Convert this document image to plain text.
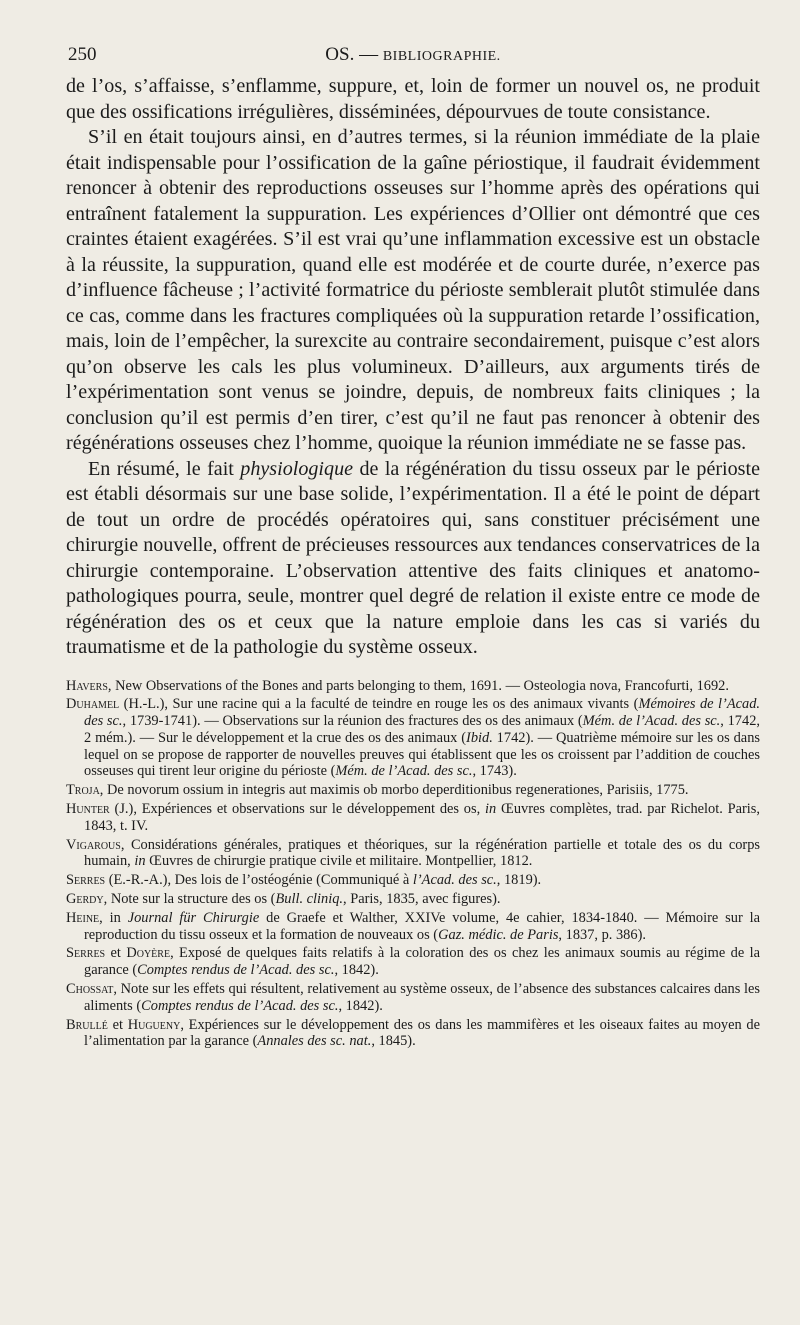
250	OS. — BIBLIOGRAPHIE.

de l’os, s’affaisse, s’enflamme, suppure, et, loin de former un nouvel os, ne produit que des ossifications irrégulières, disséminées, dépourvues de toute consistance.

S’il en était toujours ainsi, en d’autres termes, si la réunion immédiate de la plaie était indispensable pour l’ossification de la gaîne périostique, il faudrait évidemment renoncer à obtenir des reproductions osseuses sur l’homme après des opérations qui entraînent fatalement la suppuration. Les expériences d’Ollier ont démontré que ces craintes étaient exagérées. S’il est vrai qu’une inflammation excessive est un obstacle à la réussite, la suppuration, quand elle est modérée et de courte durée, n’exerce pas d’influence fâcheuse ; l’activité formatrice du périoste semblerait plutôt stimulée dans ce cas, comme dans les fractures compliquées où la suppuration retarde l’ossification, mais, loin de l’empêcher, la surexcite au contraire secondairement, puisque c’est alors qu’on observe les cals les plus volumineux. D’ailleurs, aux arguments tirés de l’expérimentation sont venus se joindre, depuis, de nombreux faits cliniques ; la conclusion qu’il est permis d’en tirer, c’est qu’il ne faut pas renoncer à obtenir des régénérations osseuses chez l’homme, quoique la réunion immédiate ne se fasse pas.

En résumé, le fait physiologique de la régénération du tissu osseux par le périoste est établi désormais sur une base solide, l’expérimentation. Il a été le point de départ de tout un ordre de procédés opératoires qui, sans constituer précisément une chirurgie nouvelle, offrent de précieuses ressources aux tendances conservatrices de la chirurgie contemporaine. L’observation attentive des faits cliniques et anatomo-pathologiques pourra, seule, montrer quel degré de relation il existe entre ce mode de régénération des os et ceux que la nature emploie dans les cas si variés du traumatisme et de la pathologie du système osseux.

Havers, New Observations of the Bones and parts belonging to them, 1691. — Osteologia nova, Francofurti, 1692.

Duhamel (H.-L.), Sur une racine qui a la faculté de teindre en rouge les os des animaux vivants (Mémoires de l’Acad. des sc., 1739-1741). — Observations sur la réunion des fractures des os des animaux (Mém. de l’Acad. des sc., 1742, 2 mém.). — Sur le développement et la crue des os des animaux (Ibid. 1742). — Quatrième mémoire sur les os dans lequel on se propose de rapporter de nouvelles preuves qui établissent que les os croissent par l’addition de couches osseuses qui tirent leur origine du périoste (Mém. de l’Acad. des sc., 1743).

Troja, De novorum ossium in integris aut maximis ob morbo deperditionibus regenerationes, Parisiis, 1775.

Hunter (J.), Expériences et observations sur le développement des os, in Œuvres complètes, trad. par Richelot. Paris, 1843, t. IV.

Vigarous, Considérations générales, pratiques et théoriques, sur la régénération partielle et totale des os du corps humain, in Œuvres de chirurgie pratique civile et militaire. Montpellier, 1812.

Serres (E.-R.-A.), Des lois de l’ostéogénie (Communiqué à l’Acad. des sc., 1819).

Gerdy, Note sur la structure des os (Bull. cliniq., Paris, 1835, avec figures).

Heine, in Journal für Chirurgie de Graefe et Walther, XXIVe volume, 4e cahier, 1834-1840. — Mémoire sur la reproduction du tissu osseux et la formation de nouveaux os (Gaz. médic. de Paris, 1837, p. 386).

Serres et Doyère, Exposé de quelques faits relatifs à la coloration des os chez les animaux soumis au régime de la garance (Comptes rendus de l’Acad. des sc., 1842).

Chossat, Note sur les effets qui résultent, relativement au système osseux, de l’absence des substances calcaires dans les aliments (Comptes rendus de l’Acad. des sc., 1842).

Brullé et Hugueny, Expériences sur le développement des os dans les mammifères et les oiseaux faites au moyen de l’alimentation par la garance (Annales des sc. nat., 1845).
